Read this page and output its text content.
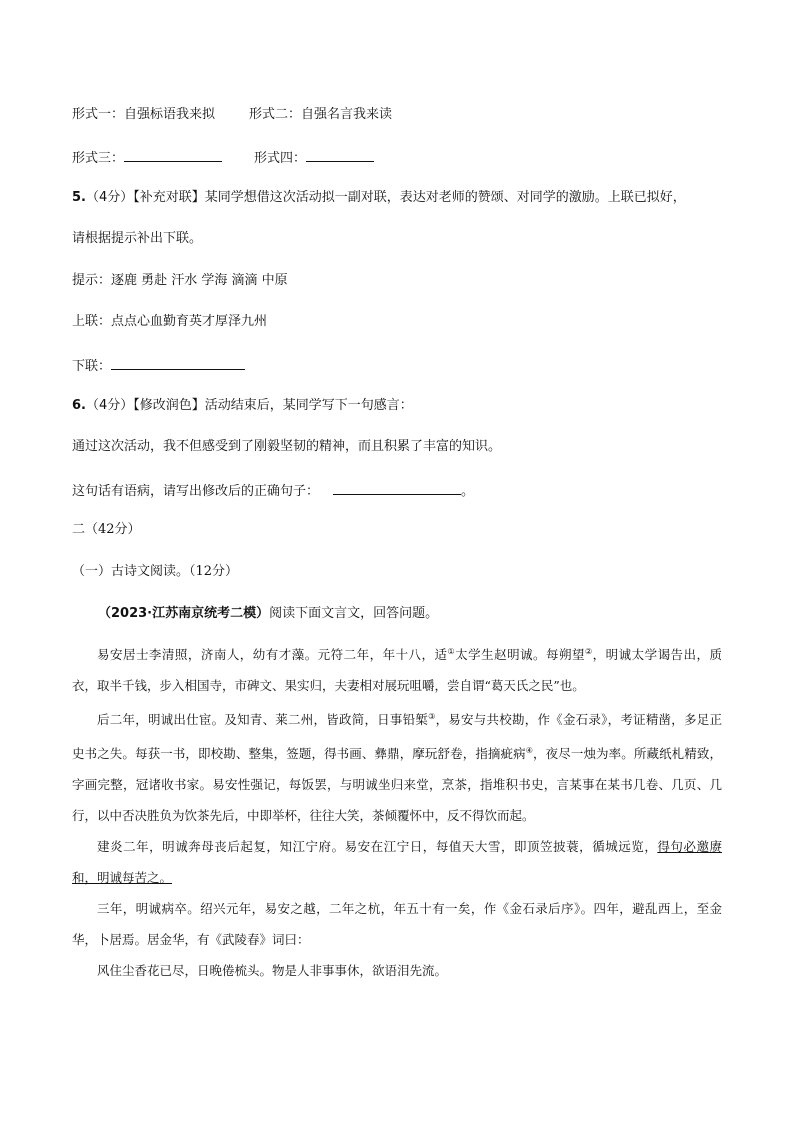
形式一：自强标语我来拟	形式二：自强名言我来读
形式三：	形式四：
5.（4分）【补充对联】某同学想借这次活动拟一副对联，表达对老师的赞颂、对同学的激励。上联已拟好，
请根据提示补出下联。
提示：逐鹿 勇赴 汗水 学海 滴滴 中原
上联：点点心血勤育英才厚泽九州
下联：
6.（4分）【修改润色】活动结束后，某同学写下一句感言：
通过这次活动，我不但感受到了刚毅坚韧的精神，而且积累了丰富的知识。
这句话有语病，请写出修改后的正确句子：	。
二（42分）
（一）古诗文阅读。（12分）
（2023·江苏南京统考二模）阅读下面文言文，回答问题。

易安居士李清照，济南人，幼有才藻。元符二年，年十八，适①太学生赵明诚。每朔望②，明诚太学谒告出，质衣，取半千钱，步入相国寺，市碑文、果实归，夫妻相对展玩咀嚼，尝自谓“葛天氏之民”也。

后二年，明诚出仕宦。及知青、莱二州，皆政简，日事铅椠③，易安与共校勘，作《金石录》，考证精凿，多足正史书之失。每获一书，即校勘、整集，签题，得书画、彝鼎，摩玩舒卷，指摘疵病④，夜尽一烛为率。所藏纸札精致，字画完整，冠诸收书家。易安性强记，每饭罢，与明诚坐归来堂，烹茶，指堆积书史，言某事在某书几卷、几页、几行，以中否决胜负为饮茶先后，中即举杯，往往大笑，茶倾覆怀中，反不得饮而起。

建炎二年，明诚奔母丧后起复，知江宁府。易安在江宁日，每值天大雪，即顶笠披蓑，循城远览，得句必邀赓和，明诚每苦之。

三年，明诚病卒。绍兴元年，易安之越，二年之杭，年五十有一矣，作《金石录后序》。四年，避乱西上，至金华，卜居焉。居金华，有《武陵春》词曰：

风住尘香花已尽，日晚倦梳头。物是人非事事休，欲语泪先流。
